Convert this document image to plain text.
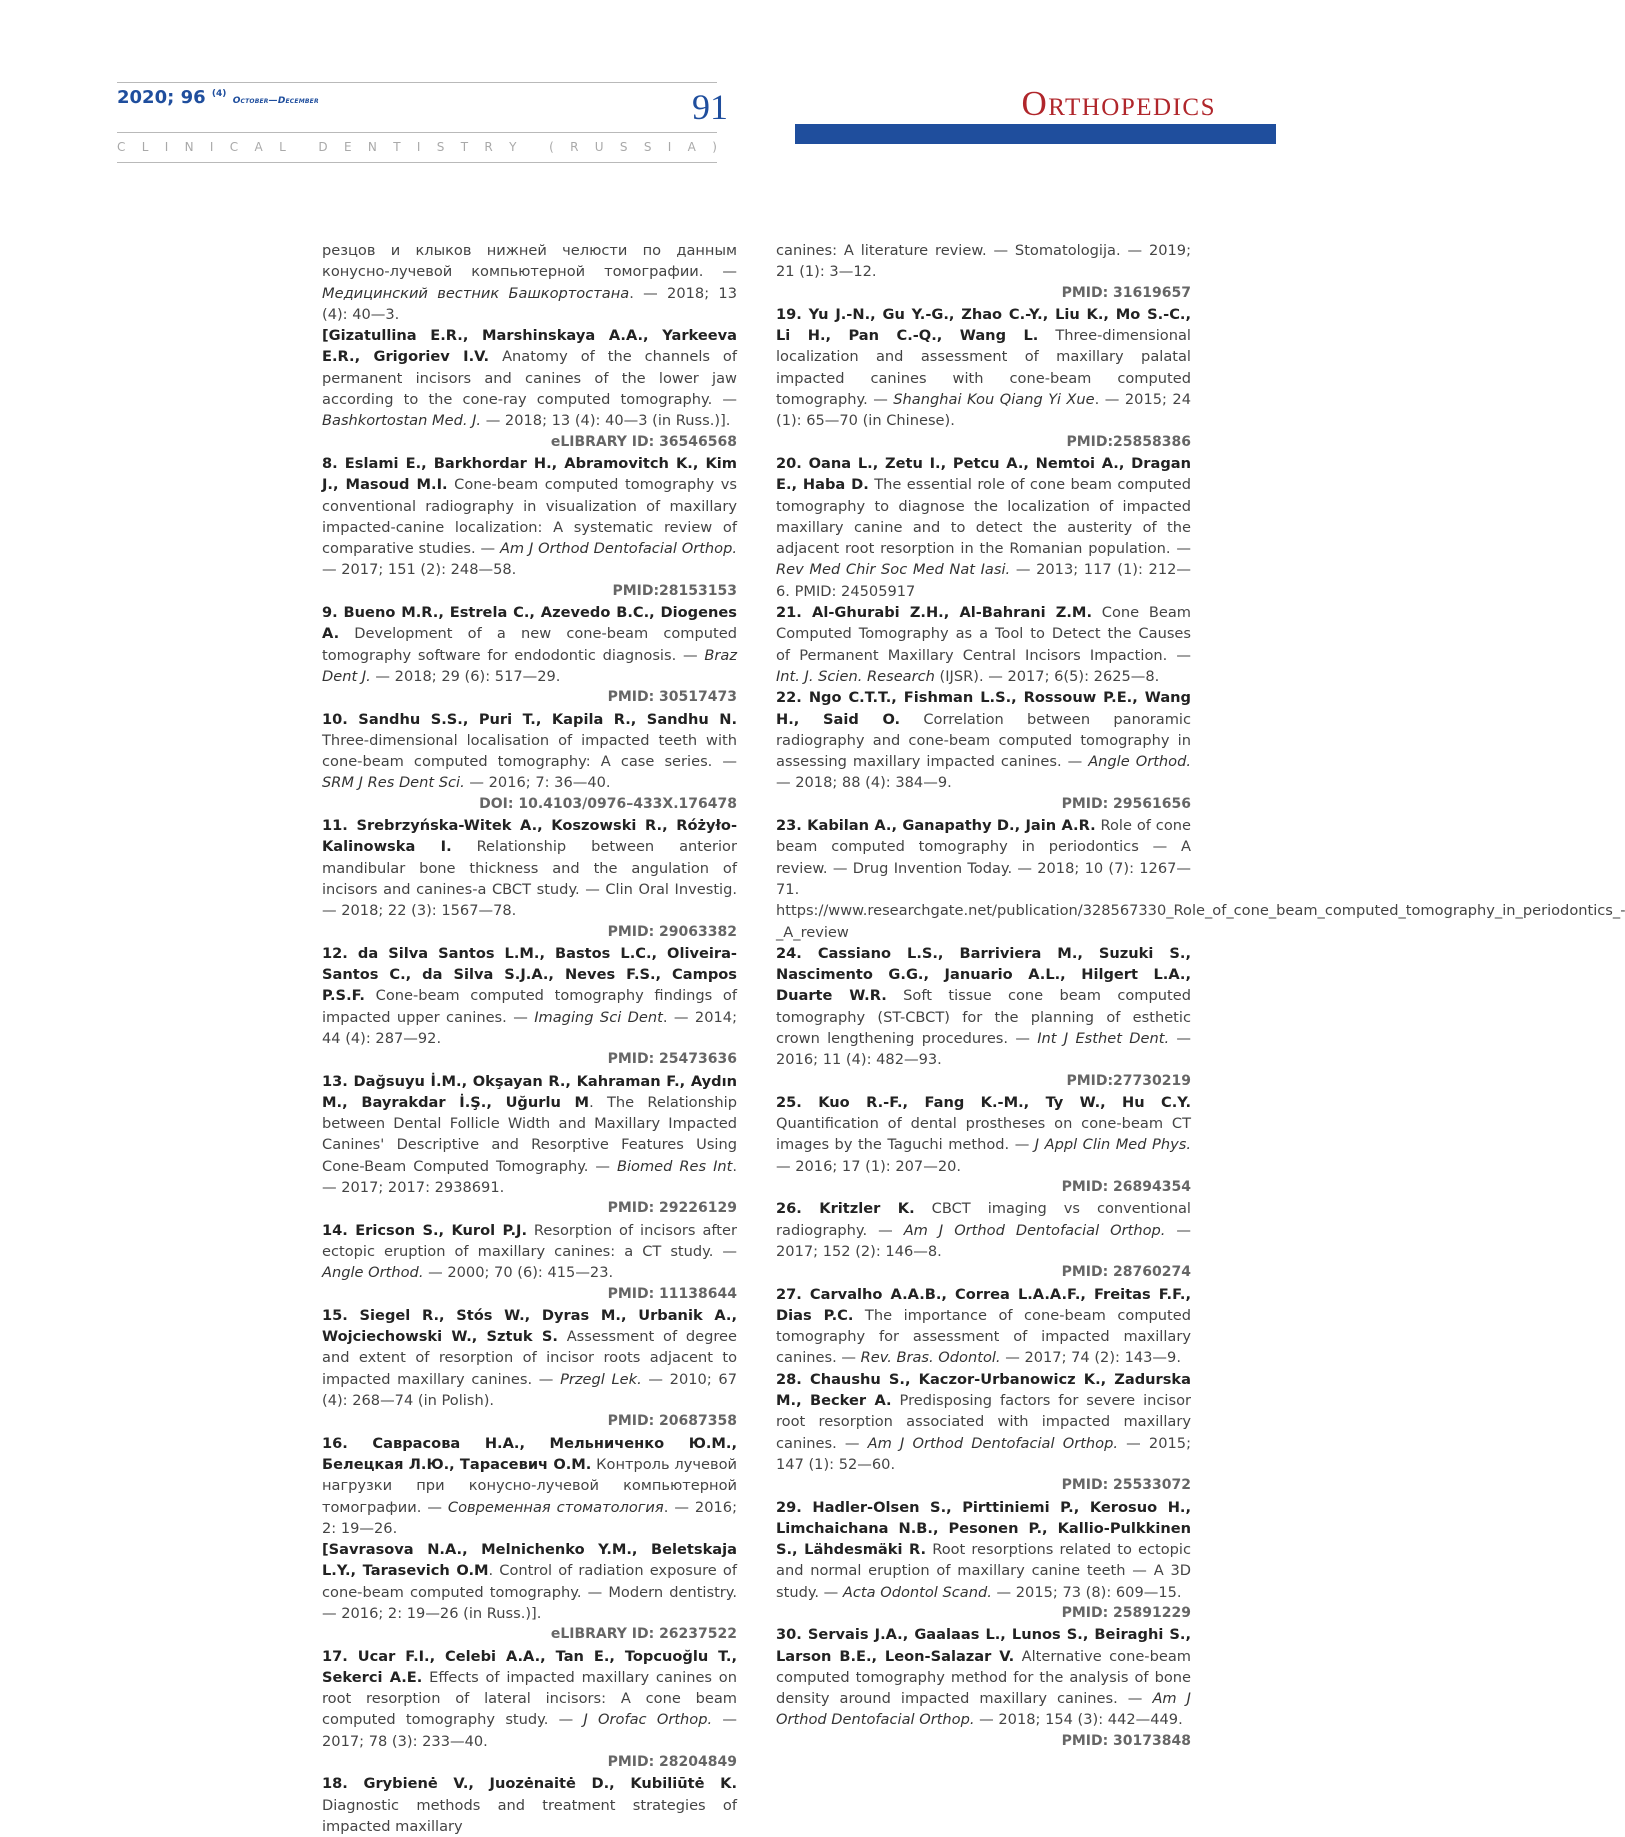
2020; 96 $^{(4)}$ October—December	91
C L I N I C A L	D E N T I S T R Y	( R U S S I A )
Orthopedics

резцов и клыков нижней челюсти по данным конусно-лучевой компьютерной томографии. — Медицинский вестник Башкортостана. — 2018; 13 (4): 40—3.

[Gizatullina E.R., Marshinskaya A.A., Yarkeeva E.R., Grigoriev I.V. Anatomy of the channels of permanent incisors and canines of the lower jaw according to the cone-ray computed tomography. — Bashkortostan Med. J. — 2018; 13 (4): 40—3 (in Russ.)].

eLIBRARY ID: 36546568

8. Eslami E., Barkhordar H., Abramovitch K., Kim J., Masoud M.I. Cone-beam computed tomography vs conventional radiography in visualization of maxillary impacted-canine localization: A systematic review of comparative studies. — Am J Orthod Dentofacial Orthop. — 2017; 151 (2): 248—58.

PMID:28153153

9. Bueno M.R., Estrela C., Azevedo B.C., Diogenes A. Development of a new cone-beam computed tomography software for endodontic diagnosis. — Braz Dent J. — 2018; 29 (6): 517—29.

PMID: 30517473

10. Sandhu S.S., Puri T., Kapila R., Sandhu N. Three-dimensional localisation of impacted teeth with cone-beam computed tomography: A case series. — SRM J Res Dent Sci. — 2016; 7: 36—40.

DOI: 10.4103/0976–433X.176478

11. Srebrzyńska-Witek A., Koszowski R., Różyło-Kalinowska I. Relationship between anterior mandibular bone thickness and the angulation of incisors and canines-a CBCT study. — Clin Oral Investig. — 2018; 22 (3): 1567—78.

PMID: 29063382

12. da Silva Santos L.M., Bastos L.C., Oliveira-Santos C., da Silva S.J.A., Neves F.S., Campos P.S.F. Cone-beam computed tomography findings of impacted upper canines. — Imaging Sci Dent. — 2014; 44 (4): 287—92.

PMID: 25473636

13. Dağsuyu İ.M., Okşayan R., Kahraman F., Aydın M., Bayrakdar İ.Ş., Uğurlu M. The Relationship between Dental Follicle Width and Maxillary Impacted Canines' Descriptive and Resorptive Features Using Cone-Beam Computed Tomography. — Biomed Res Int. — 2017; 2017: 2938691.

PMID: 29226129

14. Ericson S., Kurol P.J. Resorption of incisors after ectopic eruption of maxillary canines: a CT study. — Angle Orthod. — 2000; 70 (6): 415—23.

PMID: 11138644

15. Siegel R., Stós W., Dyras M., Urbanik A., Wojciechowski W., Sztuk S. Assessment of degree and extent of resorption of incisor roots adjacent to impacted maxillary canines. — Przegl Lek. — 2010; 67 (4): 268—74 (in Polish).

PMID: 20687358

16. Саврасова Н.А., Мельниченко Ю.М., Белецкая Л.Ю., Тарасевич О.М. Контроль лучевой нагрузки при конусно-лучевой компьютерной томографии. — Современная стоматология. — 2016; 2: 19—26.

[Savrasova N.A., Melnichenko Y.M., Beletskaja L.Y., Tarasevich O.M. Control of radiation exposure of cone-beam computed tomography. — Modern dentistry. — 2016; 2: 19—26 (in Russ.)].

eLIBRARY ID: 26237522

17. Ucar F.I., Celebi A.A., Tan E., Topcuoğlu T., Sekerci A.E. Effects of impacted maxillary canines on root resorption of lateral incisors: A cone beam computed tomography study. — J Orofac Orthop. — 2017; 78 (3): 233—40.

PMID: 28204849

18. Grybienė V., Juozėnaitė D., Kubiliūtė K. Diagnostic methods and treatment strategies of impacted maxillary

canines: A literature review. — Stomatologija. — 2019; 21 (1): 3—12.

PMID: 31619657

19. Yu J.-N., Gu Y.-G., Zhao C.-Y., Liu K., Mo S.-C., Li H., Pan C.-Q., Wang L. Three-dimensional localization and assessment of maxillary palatal impacted canines with cone-beam computed tomography. — Shanghai Kou Qiang Yi Xue. — 2015; 24 (1): 65—70 (in Chinese).

PMID:25858386

20. Oana L., Zetu I., Petcu A., Nemtoi A., Dragan E., Haba D. The essential role of cone beam computed tomography to diagnose the localization of impacted maxillary canine and to detect the austerity of the adjacent root resorption in the Romanian population. — Rev Med Chir Soc Med Nat Iasi. — 2013; 117 (1): 212—6. PMID: 24505917

21. Al-Ghurabi Z.H., Al-Bahrani Z.M. Cone Beam Computed Tomography as a Tool to Detect the Causes of Permanent Maxillary Central Incisors Impaction. — Int. J. Scien. Research (IJSR). — 2017; 6(5): 2625—8.

22. Ngo C.T.T., Fishman L.S., Rossouw P.E., Wang H., Said O. Correlation between panoramic radiography and cone-beam computed tomography in assessing maxillary impacted canines. — Angle Orthod. — 2018; 88 (4): 384—9.

PMID: 29561656

23. Kabilan A., Ganapathy D., Jain A.R. Role of cone beam computed tomography in periodontics — A review. — Drug Invention Today. — 2018; 10 (7): 1267—71. https://www.researchgate.net/publication/328567330_Role_of_cone_beam_computed_tomography_in_periodontics_-_A_review

24. Cassiano L.S., Barriviera M., Suzuki S., Nascimento G.G., Januario A.L., Hilgert L.A., Duarte W.R. Soft tissue cone beam computed tomography (ST-CBCT) for the planning of esthetic crown lengthening procedures. — Int J Esthet Dent. — 2016; 11 (4): 482—93.

PMID:27730219

25. Kuo R.-F., Fang K.-M., Ty W., Hu C.Y. Quantification of dental prostheses on cone-beam CT images by the Taguchi method. — J Appl Clin Med Phys. — 2016; 17 (1): 207—20.

PMID: 26894354

26. Kritzler K. CBCT imaging vs conventional radiography. — Am J Orthod Dentofacial Orthop. — 2017; 152 (2): 146—8.

PMID: 28760274

27. Carvalho A.A.B., Correa L.A.A.F., Freitas F.F., Dias P.C. The importance of cone-beam computed tomography for assessment of impacted maxillary canines. — Rev. Bras. Odontol. — 2017; 74 (2): 143—9.

28. Chaushu S., Kaczor-Urbanowicz K., Zadurska M., Becker A. Predisposing factors for severe incisor root resorption associated with impacted maxillary canines. — Am J Orthod Dentofacial Orthop. — 2015; 147 (1): 52—60.

PMID: 25533072

29. Hadler-Olsen S., Pirttiniemi P., Kerosuo H., Limchaichana N.B., Pesonen P., Kallio-Pulkkinen S., Lähdesmäki R. Root resorptions related to ectopic and normal eruption of maxillary canine teeth — A 3D study. — Acta Odontol Scand. — 2015; 73 (8): 609—15.

PMID: 25891229

30. Servais J.A., Gaalaas L., Lunos S., Beiraghi S., Larson B.E., Leon-Salazar V. Alternative cone-beam computed tomography method for the analysis of bone density around impacted maxillary canines. — Am J Orthod Dentofacial Orthop. — 2018; 154 (3): 442—449.

PMID: 30173848
